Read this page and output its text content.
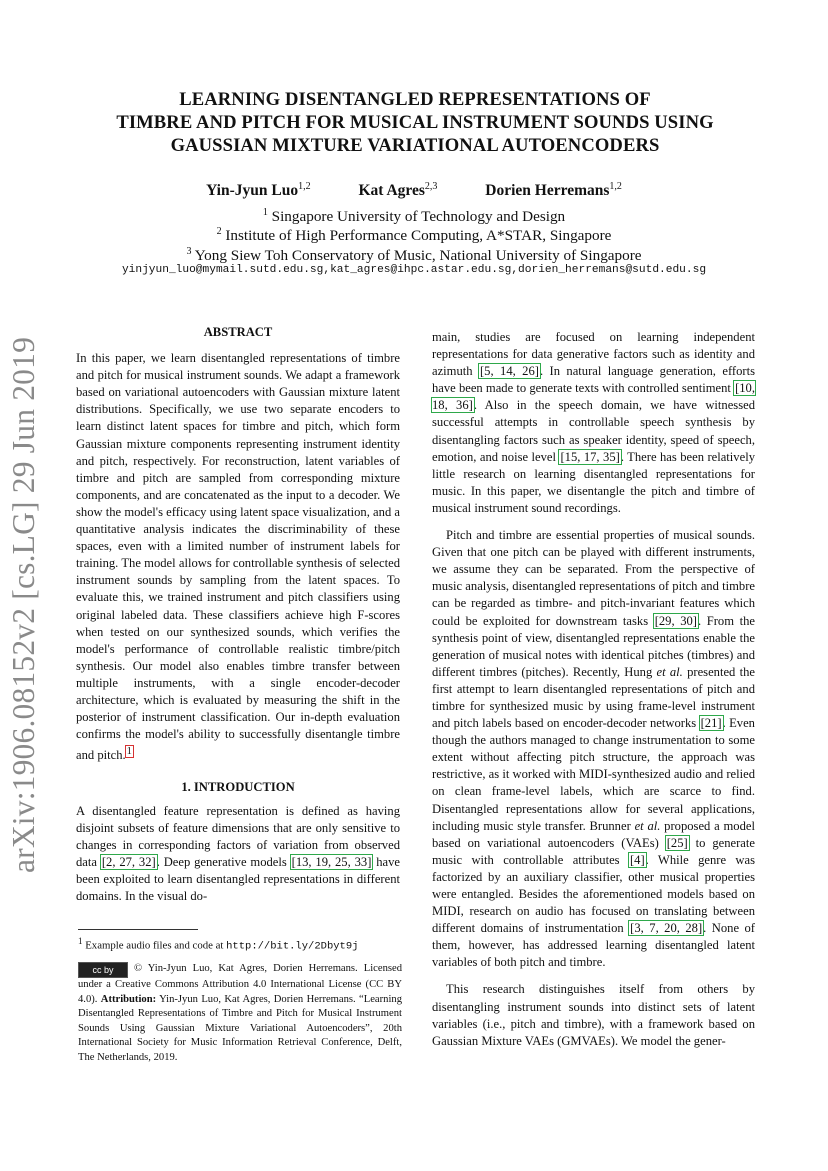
arXiv:1906.08152v2 [cs.LG] 29 Jun 2019
LEARNING DISENTANGLED REPRESENTATIONS OF
TIMBRE AND PITCH FOR MUSICAL INSTRUMENT SOUNDS USING
GAUSSIAN MIXTURE VARIATIONAL AUTOENCODERS
Yin-Jyun Luo$^{1,2}$	Kat Agres$^{2,3}$	Dorien Herremans$^{1,2}$
$^1$ Singapore University of Technology and Design
$^2$ Institute of High Performance Computing, A*STAR, Singapore
$^3$ Yong Siew Toh Conservatory of Music, National University of Singapore
yinjyun_luo@mymail.sutd.edu.sg,kat_agres@ihpc.astar.edu.sg,dorien_herremans@sutd.edu.sg
ABSTRACT

In this paper, we learn disentangled representations of timbre and pitch for musical instrument sounds. We adapt a framework based on variational autoencoders with Gaussian mixture latent distributions. Specifically, we use two separate encoders to learn distinct latent spaces for timbre and pitch, which form Gaussian mixture components representing instrument identity and pitch, respectively. For reconstruction, latent variables of timbre and pitch are sampled from corresponding mixture components, and are concatenated as the input to a decoder. We show the model's efficacy using latent space visualization, and a quantitative analysis indicates the discriminability of these spaces, even with a limited number of instrument labels for training. The model allows for controllable synthesis of selected instrument sounds by sampling from the latent spaces. To evaluate this, we trained instrument and pitch classifiers using original labeled data. These classifiers achieve high F-scores when tested on our synthesized sounds, which verifies the model's performance of controllable realistic timbre/pitch synthesis. Our model also enables timbre transfer between multiple instruments, with a single encoder-decoder architecture, which is evaluated by measuring the shift in the posterior of instrument classification. Our in-depth evaluation confirms the model's ability to successfully disentangle timbre and pitch.$^1$

1. INTRODUCTION

A disentangled feature representation is defined as having disjoint subsets of feature dimensions that are only sensitive to changes in corresponding factors of variation from observed data [2, 27, 32]. Deep generative models [13, 19, 25, 33] have been exploited to learn disentangled representations in different domains. In the visual do-

$^1$ Example audio files and code at http://bit.ly/2Dbyt9j
cc by © Yin-Jyun Luo, Kat Agres, Dorien Herremans. Licensed under a Creative Commons Attribution 4.0 International License (CC BY 4.0). Attribution: Yin-Jyun Luo, Kat Agres, Dorien Herremans. “Learning Disentangled Representations of Timbre and Pitch for Musical Instrument Sounds Using Gaussian Mixture Variational Autoencoders”, 20th International Society for Music Information Retrieval Conference, Delft, The Netherlands, 2019.

main, studies are focused on learning independent representations for data generative factors such as identity and azimuth [5, 14, 26]. In natural language generation, efforts have been made to generate texts with controlled sentiment [10, 18, 36]. Also in the speech domain, we have witnessed successful attempts in controllable speech synthesis by disentangling factors such as speaker identity, speed of speech, emotion, and noise level [15, 17, 35]. There has been relatively little research on learning disentangled representations for music. In this paper, we disentangle the pitch and timbre of musical instrument sound recordings.

Pitch and timbre are essential properties of musical sounds. Given that one pitch can be played with different instruments, we assume they can be separated. From the perspective of music analysis, disentangled representations of pitch and timbre can be regarded as timbre- and pitch-invariant features which could be exploited for downstream tasks [29, 30]. From the synthesis point of view, disentangled representations enable the generation of musical notes with identical pitches (timbres) and different timbres (pitches). Recently, Hung et al. presented the first attempt to learn disentangled representations of pitch and timbre for synthesized music by using frame-level instrument and pitch labels based on encoder-decoder networks [21]. Even though the authors managed to change instrumentation to some extent without affecting pitch structure, the approach was restrictive, as it worked with MIDI-synthesized audio and relied on clean frame-level labels, which are scarce to find. Disentangled representations allow for several applications, including music style transfer. Brunner et al. proposed a model based on variational autoencoders (VAEs) [25] to generate music with controllable attributes [4]. While genre was factorized by an auxiliary classifier, other musical properties were entangled. Besides the aforementioned models based on MIDI, research on audio has focused on translating between different domains of instrumentation [3, 7, 20, 28]. None of them, however, has addressed learning disentangled latent variables of both pitch and timbre.

This research distinguishes itself from others by disentangling instrument sounds into distinct sets of latent variables (i.e., pitch and timbre), with a framework based on Gaussian Mixture VAEs (GMVAEs). We model the gener-
